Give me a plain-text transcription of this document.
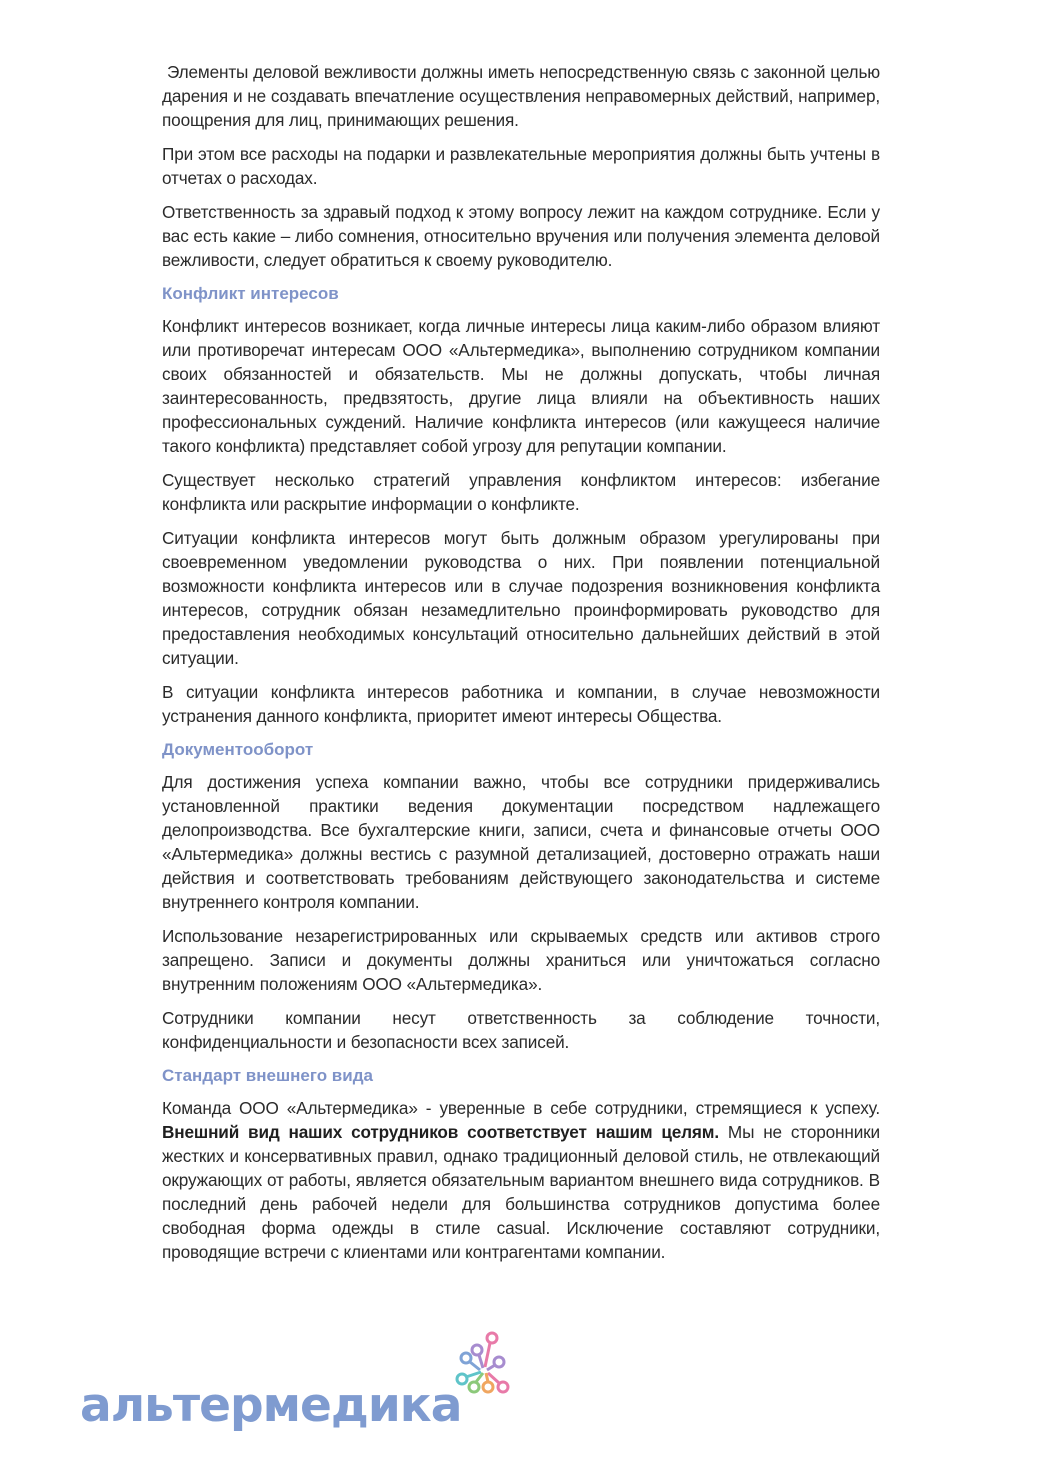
Элементы деловой вежливости должны иметь непосредственную связь с законной целью дарения и не создавать впечатление осуществления неправомерных действий, например, поощрения для лиц, принимающих решения.

При этом все расходы на подарки и развлекательные мероприятия должны быть учтены в отчетах о расходах.

Ответственность за здравый подход к этому вопросу лежит на каждом сотруднике. Если у вас есть какие – либо сомнения, относительно вручения или получения элемента деловой вежливости, следует обратиться к своему руководителю.

Конфликт интересов

Конфликт интересов возникает, когда личные интересы лица каким-либо образом влияют или противоречат интересам ООО «Альтермедика», выполнению сотрудником компании своих обязанностей и обязательств. Мы не должны допускать, чтобы личная заинтересованность, предвзятость, другие лица влияли на объективность наших профессиональных суждений. Наличие конфликта интересов (или кажущееся наличие такого конфликта) представляет собой угрозу для репутации компании.

Существует несколько стратегий управления конфликтом интересов: избегание конфликта или раскрытие информации о конфликте.

Ситуации конфликта интересов могут быть должным образом урегулированы при своевременном уведомлении руководства о них. При появлении потенциальной возможности конфликта интересов или в случае подозрения возникновения конфликта интересов, сотрудник обязан незамедлительно проинформировать руководство для предоставления необходимых консультаций относительно дальнейших действий в этой ситуации.

В ситуации конфликта интересов работника и компании, в случае невозможности устранения данного конфликта, приоритет имеют интересы Общества.

Документооборот

Для достижения успеха компании важно, чтобы все сотрудники придерживались установленной практики ведения документации посредством надлежащего делопроизводства. Все бухгалтерские книги, записи, счета и финансовые отчеты ООО «Альтермедика» должны вестись с разумной детализацией, достоверно отражать наши действия и соответствовать требованиям действующего законодательства и системе внутреннего контроля компании.

Использование незарегистрированных или скрываемых средств или активов строго запрещено. Записи и документы должны храниться или уничтожаться согласно внутренним положениям ООО «Альтермедика».

Сотрудники компании несут ответственность за соблюдение точности, конфиденциальности и безопасности всех записей.

Стандарт внешнего вида

Команда ООО «Альтермедика» - уверенные в себе сотрудники, стремящиеся к успеху. Внешний вид наших сотрудников соответствует нашим целям. Мы не сторонники жестких и консервативных правил, однако традиционный деловой стиль, не отвлекающий окружающих от работы, является обязательным вариантом внешнего вида сотрудников. В последний день рабочей недели для большинства сотрудников допустима более свободная форма одежды в стиле casual. Исключение составляют сотрудники, проводящие встречи с клиентами или контрагентами компании.

альтермедика
